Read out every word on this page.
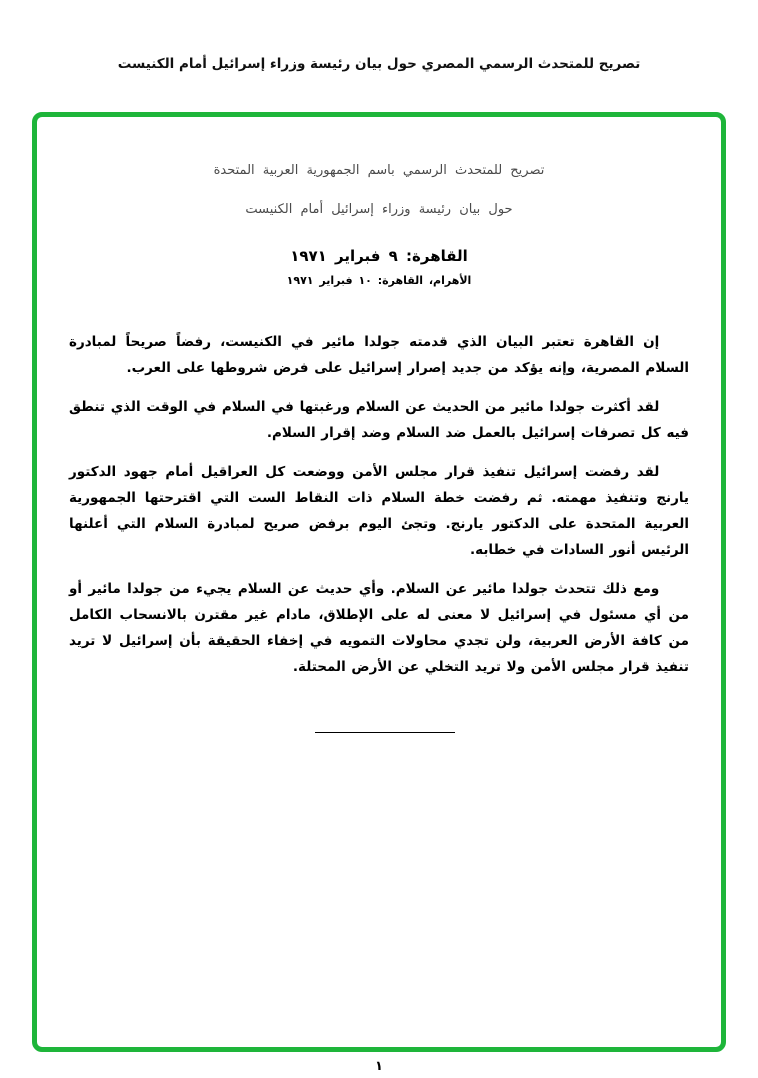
تصريح للمتحدث الرسمي المصري حول بيان رئيسة وزراء إسرائيل أمام الكنيست
تصريح للمتحدث الرسمي باسم الجمهورية العربية المتحدة
حول بيان رئيسة وزراء إسرائيل أمام الكنيست
القاهرة: ٩ فبراير ١٩٧١
الأهرام، القاهرة: ١٠ فبراير ١٩٧١

إن القاهرة تعتبر البيان الذي قدمته جولدا مائير في الكنيست، رفضاً صريحاً لمبادرة السلام المصرية، وإنه يؤكد من جديد إصرار إسرائيل على فرض شروطها على العرب.

لقد أكثرت جولدا مائير من الحديث عن السلام ورغبتها في السلام في الوقت الذي تنطق فيه كل تصرفات إسرائيل بالعمل ضد السلام وضد إقرار السلام.

لقد رفضت إسرائيل تنفيذ قرار مجلس الأمن ووضعت كل العراقيل أمام جهود الدكتور يارنج وتنفيذ مهمته. ثم رفضت خطة السلام ذات النقاط الست التي اقترحتها الجمهورية العربية المتحدة على الدكتور يارنج. وتجئ اليوم برفض صريح لمبادرة السلام التي أعلنها الرئيس أنور السادات في خطابه.

ومع ذلك تتحدث جولدا مائير عن السلام. وأي حديث عن السلام يجيء من جولدا مائير أو من أي مسئول في إسرائيل لا معنى له على الإطلاق، مادام غير مقترن بالانسحاب الكامل من كافة الأرض العربية، ولن تجدي محاولات التمويه في إخفاء الحقيقة بأن إسرائيل لا تريد تنفيذ قرار مجلس الأمن ولا تريد التخلي عن الأرض المحتلة.

١
